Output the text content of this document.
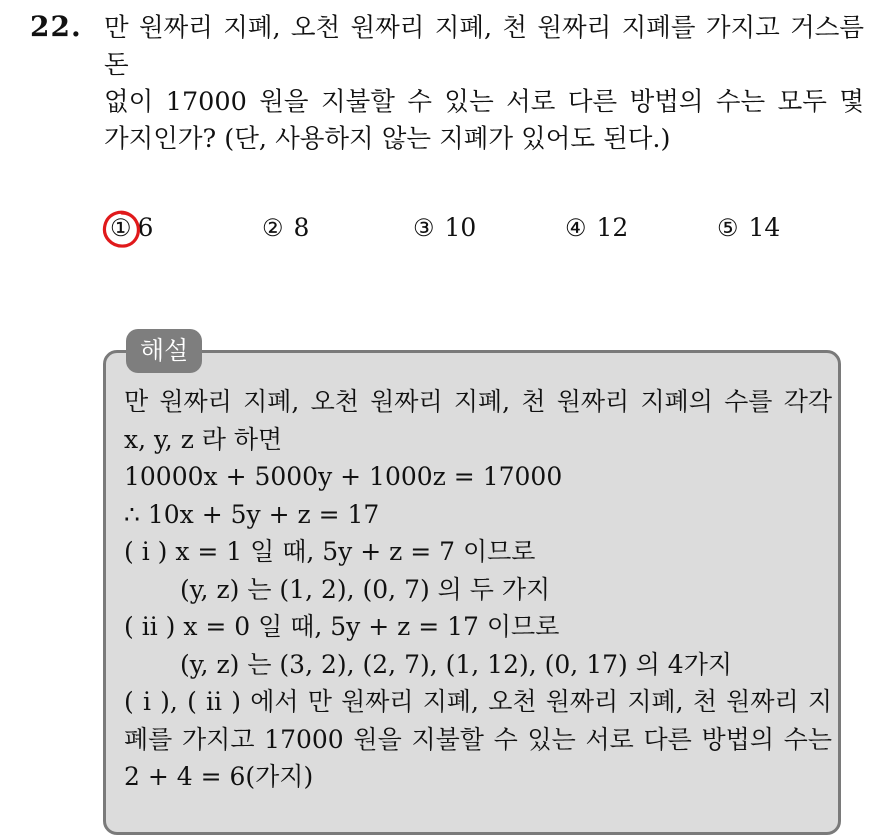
22. 만 원짜리 지폐, 오천 원짜리 지폐, 천 원짜리 지폐를 가지고 거스름돈
없이 17000 원을 지불할 수 있는 서로 다른 방법의 수는 모두 몇
가지인가? (단, 사용하지 않는 지폐가 있어도 된다.)
① 6	② 8	③ 10	④ 12	⑤ 14
해설
만 원짜리 지폐, 오천 원짜리 지폐, 천 원짜리 지폐의 수를 각각
x, y, z 라 하면
10000x + 5000y + 1000z = 17000
∴ 10x + 5y + z = 17
( i ) x = 1 일 때, 5y + z = 7 이므로
(y, z) 는 (1, 2), (0, 7) 의 두 가지
( ii ) x = 0 일 때, 5y + z = 17 이므로
(y, z) 는 (3, 2), (2, 7), (1, 12), (0, 17) 의 4가지
( i ), ( ii ) 에서 만 원짜리 지폐, 오천 원짜리 지폐, 천 원짜리 지
폐를 가지고 17000 원을 지불할 수 있는 서로 다른 방법의 수는
2 + 4 = 6(가지)
